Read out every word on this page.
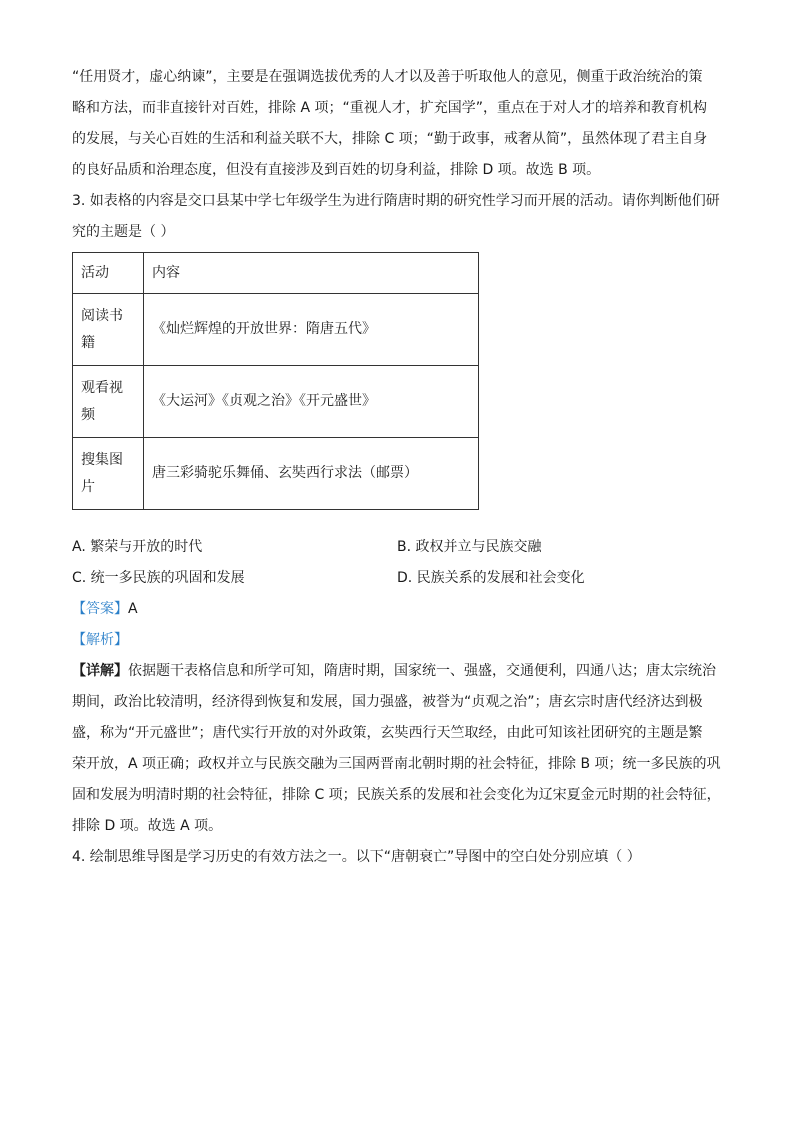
“任用贤才，虚心纳谏”，主要是在强调选拔优秀的人才以及善于听取他人的意见，侧重于政治统治的策

略和方法，而非直接针对百姓，排除 A 项；“重视人才，扩充国学”，重点在于对人才的培养和教育机构

的发展，与关心百姓的生活和利益关联不大，排除 C 项；“勤于政事，戒奢从简”，虽然体现了君主自身

的良好品质和治理态度，但没有直接涉及到百姓的切身利益，排除 D 项。故选 B 项。

3. 如表格的内容是交口县某中学七年级学生为进行隋唐时期的研究性学习而开展的活动。请你判断他们研

究的主题是（ ）

活动	内容
阅读书
籍	《灿烂辉煌的开放世界：隋唐五代》
观看视
频	《大运河》《贞观之治》《开元盛世》
搜集图
片	唐三彩骑驼乐舞俑、玄奘西行求法（邮票）
A. 繁荣与开放的时代	B. 政权并立与民族交融
C. 统一多民族的巩固和发展	D. 民族关系的发展和社会变化

【答案】A

【解析】

【详解】依据题干表格信息和所学可知，隋唐时期，国家统一、强盛，交通便利，四通八达；唐太宗统治

期间，政治比较清明，经济得到恢复和发展，国力强盛，被誉为“贞观之治”；唐玄宗时唐代经济达到极

盛，称为“开元盛世”；唐代实行开放的对外政策，玄奘西行天竺取经，由此可知该社团研究的主题是繁

荣开放，A 项正确；政权并立与民族交融为三国两晋南北朝时期的社会特征，排除 B 项；统一多民族的巩

固和发展为明清时期的社会特征，排除 C 项；民族关系的发展和社会变化为辽宋夏金元时期的社会特征，

排除 D 项。故选 A 项。

4. 绘制思维导图是学习历史的有效方法之一。以下“唐朝衰亡”导图中的空白处分别应填（ ）
